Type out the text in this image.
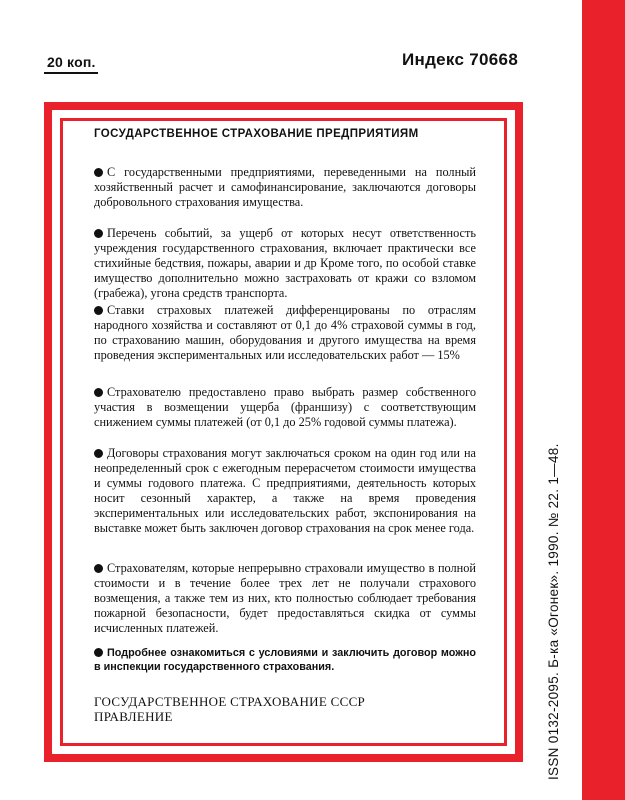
20 коп.	Индекс 70668
ГОСУДАРСТВЕННОЕ СТРАХОВАНИЕ ПРЕДПРИЯТИЯМ
С государственными предприятиями, переведенными на полный хозяйственный расчет и самофинансирование, заключаются договоры добровольного страхования имущества.
Перечень событий, за ущерб от которых несут ответственность учреждения государственного страхования, включает практически все стихийные бедствия, пожары, аварии и др Кроме того, по особой ставке имущество дополнительно можно застраховать от кражи со взломом (грабежа), угона средств транспорта.
Ставки страховых платежей дифференцированы по отраслям народного хозяйства и составляют от 0,1 до 4% страховой суммы в год, по страхованию машин, оборудования и другого имущества на время проведения экспериментальных или исследовательских работ — 15%
Страхователю предоставлено право выбрать размер собственного участия в возмещении ущерба (франшизу) с соответствующим снижением суммы платежей (от 0,1 до 25% годовой суммы платежа).
Договоры страхования могут заключаться сроком на один год или на неопределенный срок с ежегодным перерасчетом стоимости имущества и суммы годового платежа. С предприятиями, деятельность которых носит сезонный характер, а также на время проведения экспериментальных или исследовательских работ, экспонирования на выставке может быть заключен договор страхования на срок менее года.
Страхователям, которые непрерывно страховали имущество в полной стоимости и в течение более трех лет не получали страхового возмещения, а также тем из них, кто полностью соблюдает требования пожарной безопасности, будет предоставляться скидка от суммы исчисленных платежей.
Подробнее ознакомиться с условиями и заключить договор можно в инспекции государственного страхования.
ГОСУДАРСТВЕННОЕ СТРАХОВАНИЕ СССР
ПРАВЛЕНИЕ	ISSN 0132-2095. Б-ка «Огонек». 1990. № 22. 1—48.
